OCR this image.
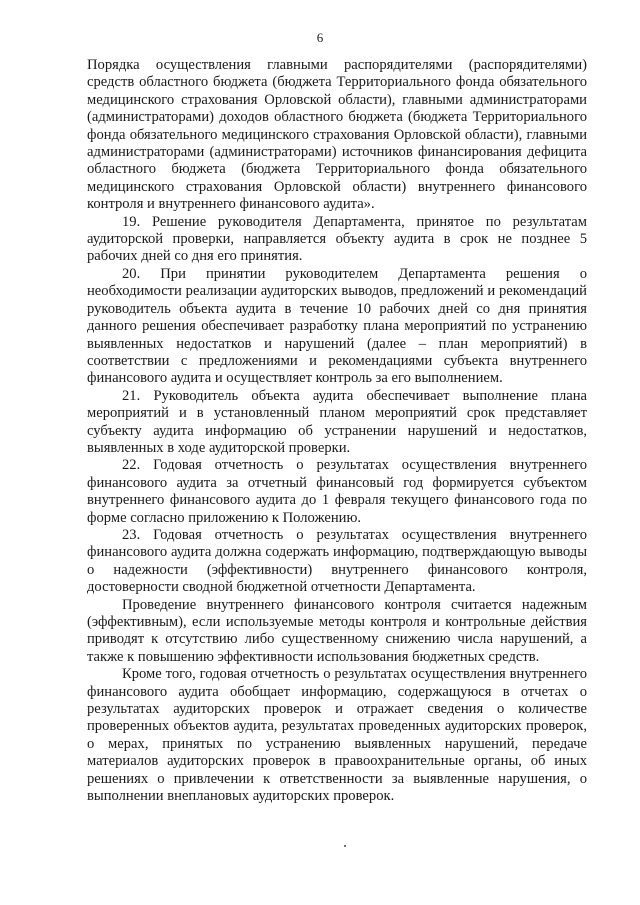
6

Порядка осуществления главными распорядителями (распорядителями) средств областного бюджета (бюджета Территориального фонда обязательного медицинского страхования Орловской области), главными администраторами (администраторами) доходов областного бюджета (бюджета Территориального фонда обязательного медицинского страхования Орловской области), главными администраторами (администраторами) источников финансирования дефицита областного бюджета (бюджета Территориального фонда обязательного медицинского страхования Орловской области) внутреннего финансового контроля и внутреннего финансового аудита».

19. Решение руководителя Департамента, принятое по результатам аудиторской проверки, направляется объекту аудита в срок не позднее 5 рабочих дней со дня его принятия.

20. При принятии руководителем Департамента решения о необходимости реализации аудиторских выводов, предложений и рекомендаций руководитель объекта аудита в течение 10 рабочих дней со дня принятия данного решения обеспечивает разработку плана мероприятий по устранению выявленных недостатков и нарушений (далее – план мероприятий) в соответствии с предложениями и рекомендациями субъекта внутреннего финансового аудита и осуществляет контроль за его выполнением.

21. Руководитель объекта аудита обеспечивает выполнение плана мероприятий и в установленный планом мероприятий срок представляет субъекту аудита информацию об устранении нарушений и недостатков, выявленных в ходе аудиторской проверки.

22. Годовая отчетность о результатах осуществления внутреннего финансового аудита за отчетный финансовый год формируется субъектом внутреннего финансового аудита до 1 февраля текущего финансового года по форме согласно приложению к Положению.

23. Годовая отчетность о результатах осуществления внутреннего финансового аудита должна содержать информацию, подтверждающую выводы о надежности (эффективности) внутреннего финансового контроля, достоверности сводной бюджетной отчетности Департамента.

Проведение внутреннего финансового контроля считается надежным (эффективным), если используемые методы контроля и контрольные действия приводят к отсутствию либо существенному снижению числа нарушений, а также к повышению эффективности использования бюджетных средств.

Кроме того, годовая отчетность о результатах осуществления внутреннего финансового аудита обобщает информацию, содержащуюся в отчетах о результатах аудиторских проверок и отражает сведения о количестве проверенных объектов аудита, результатах проведенных аудиторских проверок, о мерах, принятых по устранению выявленных нарушений, передаче материалов аудиторских проверок в правоохранительные органы, об иных решениях о привлечении к ответственности за выявленные нарушения, о выполнении внеплановых аудиторских проверок.
